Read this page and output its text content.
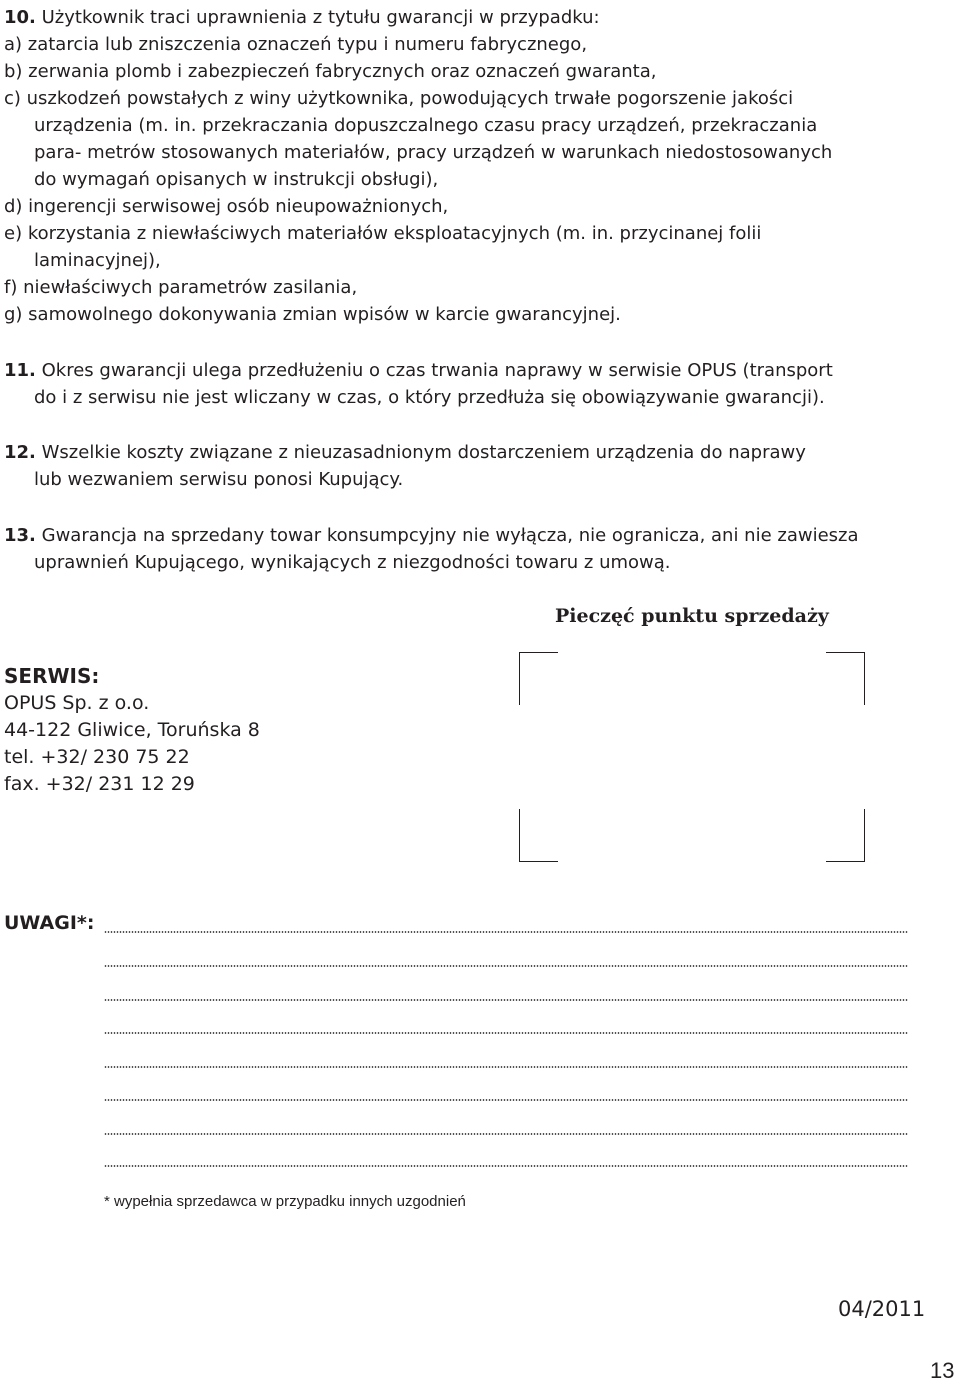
10. Użytkownik traci uprawnienia z tytułu gwarancji w przypadku:
a) zatarcia lub zniszczenia oznaczeń typu i numeru fabrycznego,
b) zerwania plomb i zabezpieczeń fabrycznych oraz oznaczeń gwaranta,
c) uszkodzeń powstałych z winy użytkownika, powodujących trwałe pogorszenie jakości
urządzenia (m. in. przekraczania dopuszczalnego czasu pracy urządzeń, przekraczania
para- metrów stosowanych materiałów, pracy urządzeń w warunkach niedostosowanych
do wymagań opisanych w instrukcji obsługi),
d) ingerencji serwisowej osób nieupoważnionych,
e) korzystania z niewłaściwych materiałów eksploatacyjnych (m. in. przycinanej folii
laminacyjnej),
f) niewłaściwych parametrów zasilania,
g) samowolnego dokonywania zmian wpisów w karcie gwarancyjnej.
11. Okres gwarancji ulega przedłużeniu o czas trwania naprawy w serwisie OPUS (transport
do i z serwisu nie jest wliczany w czas, o który przedłuża się obowiązywanie gwarancji).
12. Wszelkie koszty związane z nieuzasadnionym dostarczeniem urządzenia do naprawy
lub wezwaniem serwisu ponosi Kupujący.
13. Gwarancja na sprzedany towar konsumpcyjny nie wyłącza, nie ogranicza, ani nie zawiesza
uprawnień Kupującego, wynikających z niezgodności towaru z umową.
Pieczęć punktu sprzedaży
SERWIS:
OPUS Sp. z o.o.
44-122 Gliwice, Toruńska 8
tel. +32/ 230 75 22
fax. +32/ 231 12 29
UWAGI*:
* wypełnia sprzedawca w przypadku innych uzgodnień
04/2011
13
